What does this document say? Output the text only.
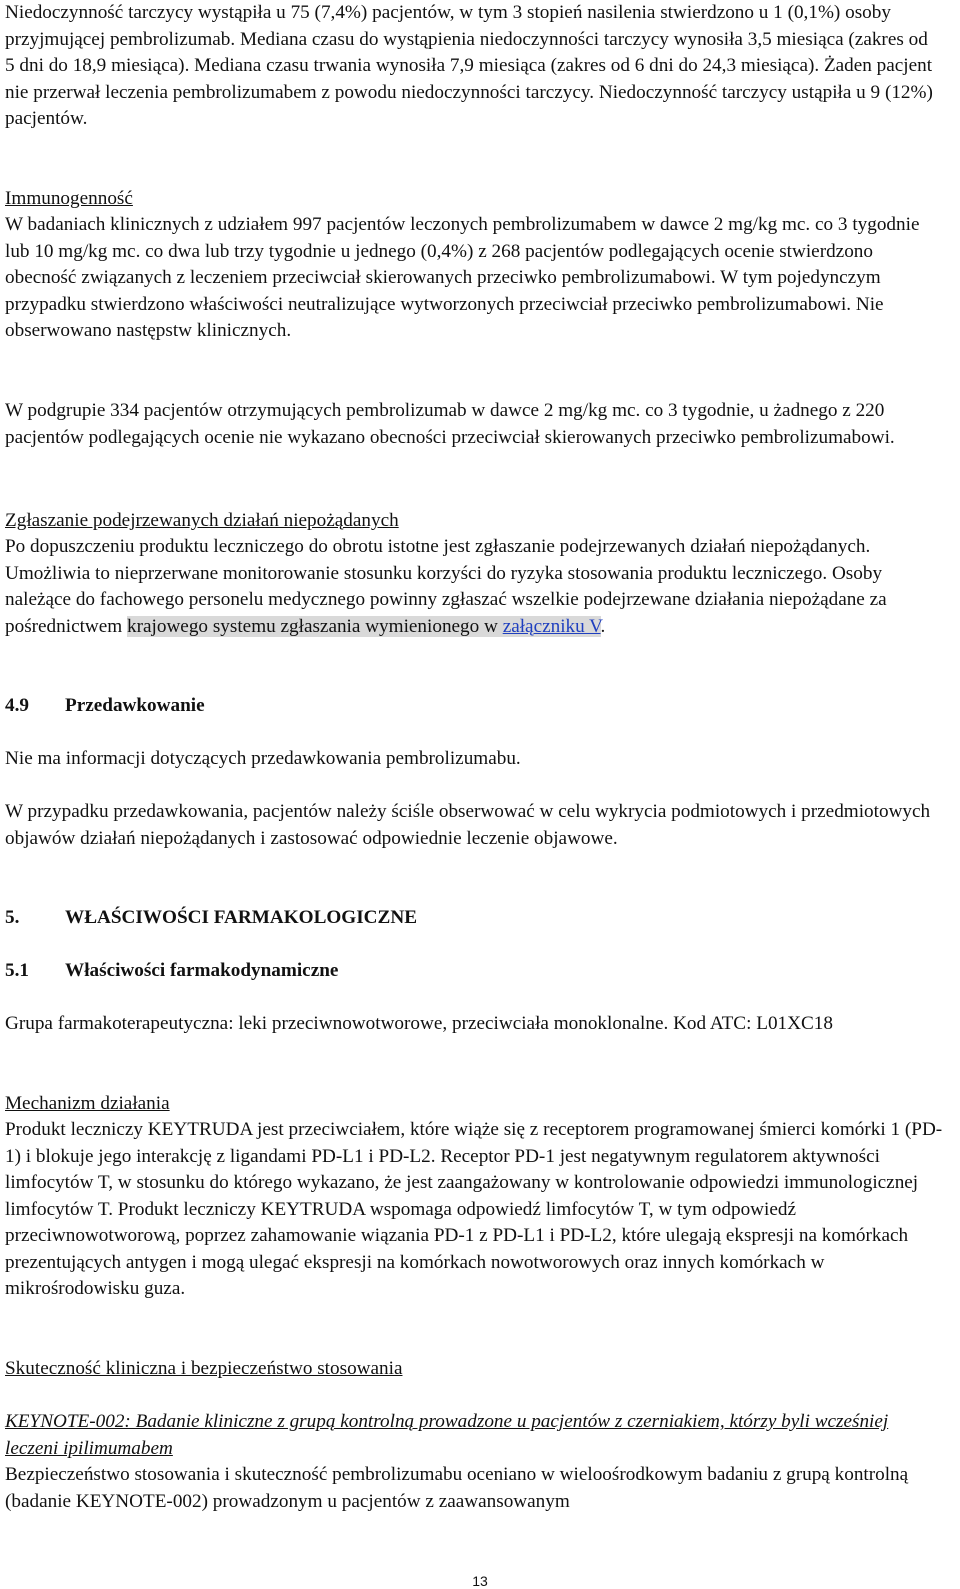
Niedoczynność tarczycy wystąpiła u 75 (7,4%) pacjentów, w tym 3 stopień nasilenia stwierdzono u 1 (0,1%) osoby przyjmującej pembrolizumab. Mediana czasu do wystąpienia niedoczynności tarczycy wynosiła 3,5 miesiąca (zakres od 5 dni do 18,9 miesiąca). Mediana czasu trwania wynosiła 7,9 miesiąca (zakres od 6 dni do 24,3 miesiąca). Żaden pacjent nie przerwał leczenia pembrolizumabem z powodu niedoczynności tarczycy. Niedoczynność tarczycy ustąpiła u 9 (12%) pacjentów.

Immunogenność

W badaniach klinicznych z udziałem 997 pacjentów leczonych pembrolizumabem w dawce 2 mg/kg mc. co 3 tygodnie lub 10 mg/kg mc. co dwa lub trzy tygodnie u jednego (0,4%) z 268 pacjentów podlegających ocenie stwierdzono obecność związanych z leczeniem przeciwciał skierowanych przeciwko pembrolizumabowi. W tym pojedynczym przypadku stwierdzono właściwości neutralizujące wytworzonych przeciwciał przeciwko pembrolizumabowi. Nie obserwowano następstw klinicznych.

W podgrupie 334 pacjentów otrzymujących pembrolizumab w dawce 2 mg/kg mc. co 3 tygodnie, u żadnego z 220 pacjentów podlegających ocenie nie wykazano obecności przeciwciał skierowanych przeciwko pembrolizumabowi.

Zgłaszanie podejrzewanych działań niepożądanych

Po dopuszczeniu produktu leczniczego do obrotu istotne jest zgłaszanie podejrzewanych działań niepożądanych. Umożliwia to nieprzerwane monitorowanie stosunku korzyści do ryzyka stosowania produktu leczniczego. Osoby należące do fachowego personelu medycznego powinny zgłaszać wszelkie podejrzewane działania niepożądane za pośrednictwem krajowego systemu zgłaszania wymienionego w załączniku V.

4.9	Przedawkowanie

Nie ma informacji dotyczących przedawkowania pembrolizumabu.

W przypadku przedawkowania, pacjentów należy ściśle obserwować w celu wykrycia podmiotowych i przedmiotowych objawów działań niepożądanych i zastosować odpowiednie leczenie objawowe.

5.	WŁAŚCIWOŚCI FARMAKOLOGICZNE
5.1	Właściwości farmakodynamiczne

Grupa farmakoterapeutyczna: leki przeciwnowotworowe, przeciwciała monoklonalne. Kod ATC: L01XC18

Mechanizm działania

Produkt leczniczy KEYTRUDA jest przeciwciałem, które wiąże się z receptorem programowanej śmierci komórki 1 (PD-1) i blokuje jego interakcję z ligandami PD-L1 i PD-L2. Receptor PD-1 jest negatywnym regulatorem aktywności limfocytów T, w stosunku do którego wykazano, że jest zaangażowany w kontrolowanie odpowiedzi immunologicznej limfocytów T. Produkt leczniczy KEYTRUDA wspomaga odpowiedź limfocytów T, w tym odpowiedź przeciwnowotworową, poprzez zahamowanie wiązania PD-1 z PD-L1 i PD-L2, które ulegają ekspresji na komórkach prezentujących antygen i mogą ulegać ekspresji na komórkach nowotworowych oraz innych komórkach w mikrośrodowisku guza.

Skuteczność kliniczna i bezpieczeństwo stosowania

KEYNOTE-002: Badanie kliniczne z grupą kontrolną prowadzone u pacjentów z czerniakiem, którzy byli wcześniej leczeni ipilimumabem

Bezpieczeństwo stosowania i skuteczność pembrolizumabu oceniano w wieloośrodkowym badaniu z grupą kontrolną (badanie KEYNOTE-002) prowadzonym u pacjentów z zaawansowanym

13
